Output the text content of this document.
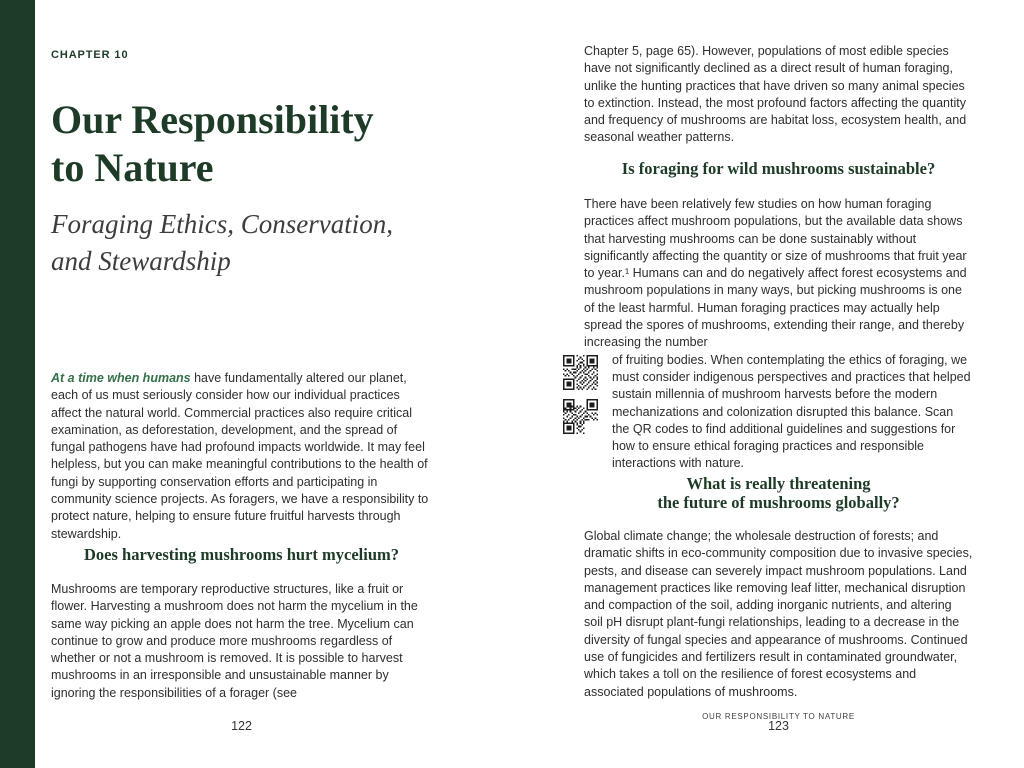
CHAPTER 10
Our Responsibility
to Nature
Foraging Ethics, Conservation,
and Stewardship

At a time when humans have fundamentally altered our planet, each of us must seriously consider how our individual practices affect the natural world. Commercial practices also require critical examination, as deforestation, development, and the spread of fungal pathogens have had profound impacts worldwide. It may feel helpless, but you can make meaningful contributions to the health of fungi by supporting conservation efforts and participating in community science projects. As foragers, we have a responsibility to protect nature, helping to ensure future fruitful harvests through stewardship.

Does harvesting mushrooms hurt mycelium?

Mushrooms are temporary reproductive structures, like a fruit or flower. Harvesting a mushroom does not harm the mycelium in the same way picking an apple does not harm the tree. Mycelium can continue to grow and produce more mushrooms regardless of whether or not a mushroom is removed. It is possible to harvest mushrooms in an irresponsible and unsustainable manner by ignoring the responsibilities of a forager (see

122

Chapter 5, page 65). However, populations of most edible species have not significantly declined as a direct result of human foraging, unlike the hunting practices that have driven so many animal species to extinction. Instead, the most profound factors affecting the quantity and frequency of mushrooms are habitat loss, ecosystem health, and seasonal weather patterns.

Is foraging for wild mushrooms sustainable?

There have been relatively few studies on how human foraging practices affect mushroom populations, but the available data shows that harvesting mushrooms can be done sustainably without significantly affecting the quantity or size of mushrooms that fruit year to year.¹ Humans can and do negatively affect forest ecosystems and mushroom populations in many ways, but picking mushrooms is one of the least harmful. Human foraging practices may actually help spread the spores of mushrooms, extending their range, and thereby increasing the number

of fruiting bodies. When contemplating the ethics of foraging, we must consider indigenous perspectives and practices that helped sustain millennia of mushroom harvests before the modern mechanizations and colonization disrupted this balance. Scan the QR codes to find additional guidelines and suggestions for how to ensure ethical foraging practices and responsible interactions with nature.
What is really threatening
the future of mushrooms globally?

Global climate change; the wholesale destruction of forests; and dramatic shifts in eco-community composition due to invasive species, pests, and disease can severely impact mushroom populations. Land management practices like removing leaf litter, mechanical disruption and compaction of the soil, adding inorganic nutrients, and altering soil pH disrupt plant-fungi relationships, leading to a decrease in the diversity of fungal species and appearance of mushrooms. Continued use of fungicides and fertilizers result in contaminated groundwater, which takes a toll on the resilience of forest ecosystems and associated populations of mushrooms.

OUR RESPONSIBILITY TO NATURE
123
